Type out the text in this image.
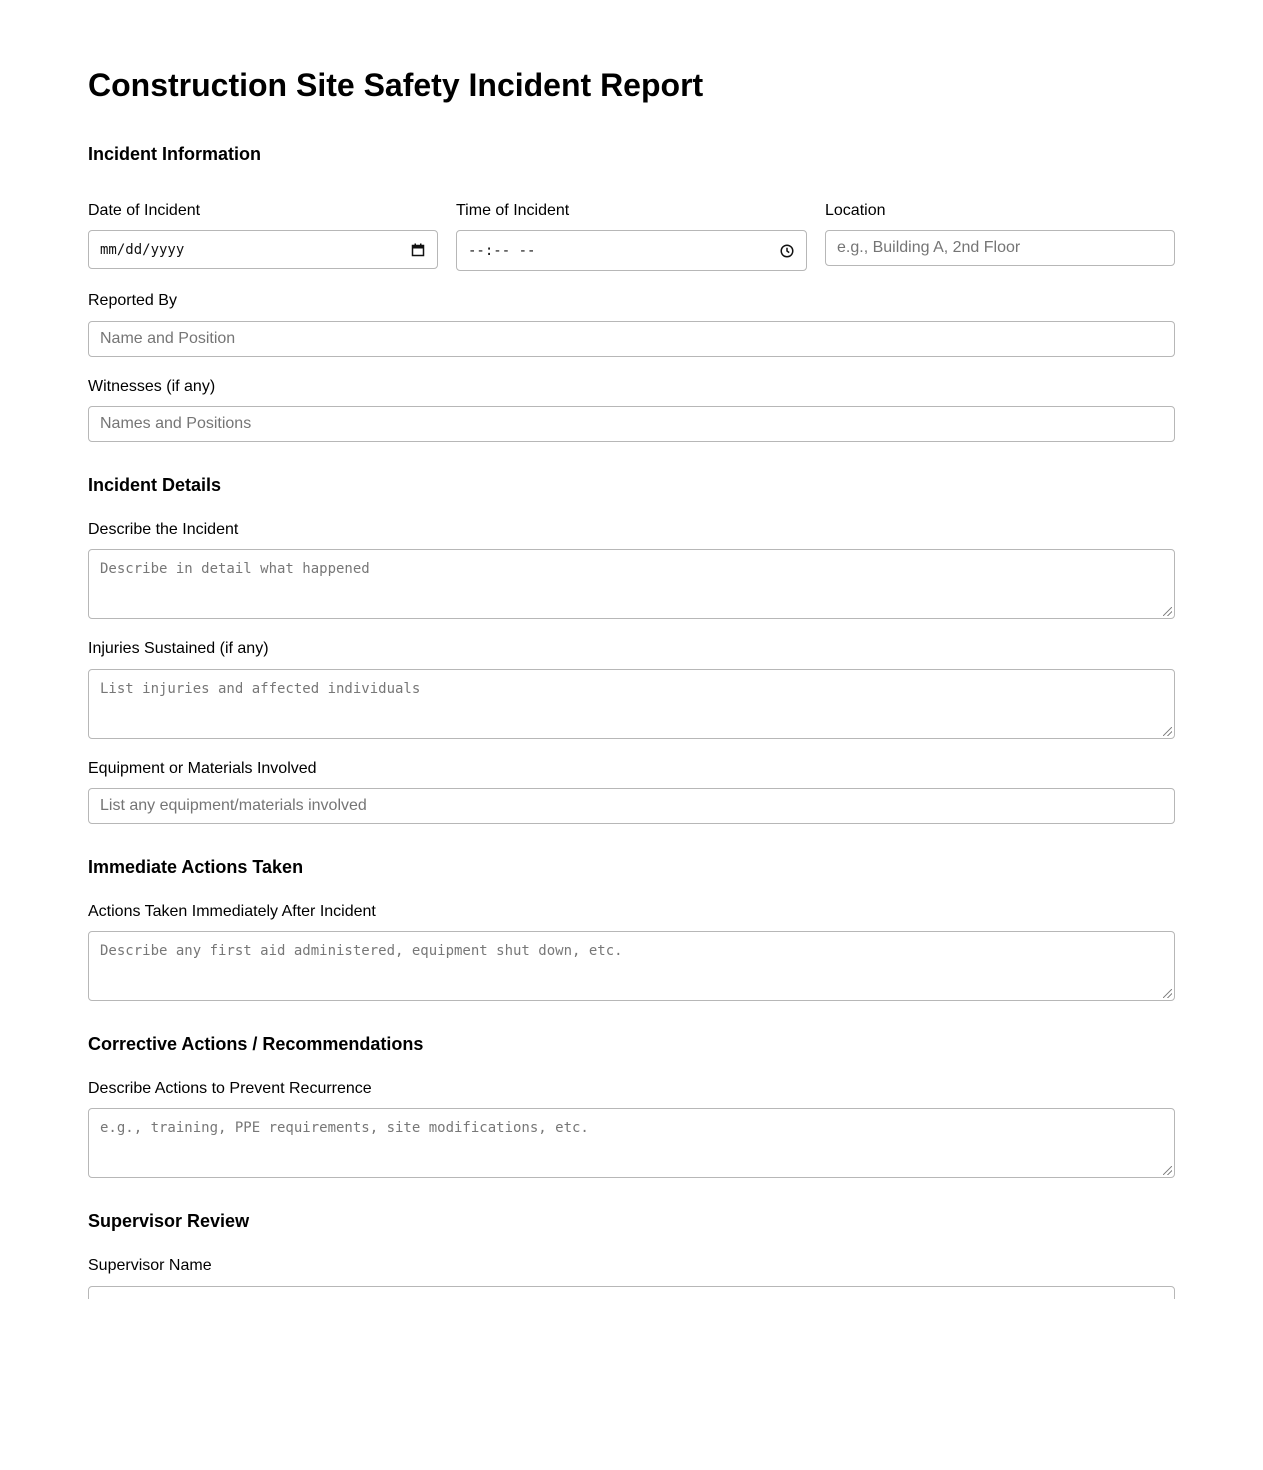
Construction Site Safety Incident Report
Incident Information
Date of Incident
mm/dd/yyyy
Time of Incident
--:-- --
Location
e.g., Building A, 2nd Floor
Reported By
Name and Position
Witnesses (if any)
Names and Positions
Incident Details
Describe the Incident
Describe in detail what happened
Injuries Sustained (if any)
List injuries and affected individuals
Equipment or Materials Involved
List any equipment/materials involved
Immediate Actions Taken
Actions Taken Immediately After Incident
Describe any first aid administered, equipment shut down, etc.
Corrective Actions / Recommendations
Describe Actions to Prevent Recurrence
e.g., training, PPE requirements, site modifications, etc.
Supervisor Review
Supervisor Name
